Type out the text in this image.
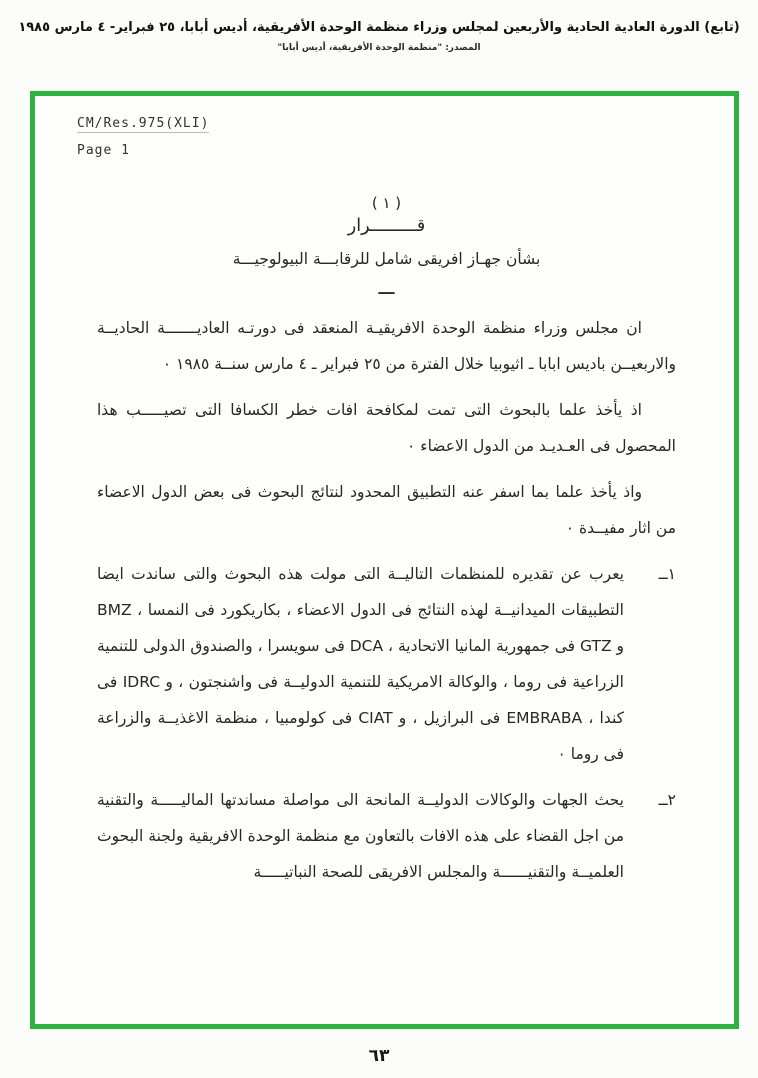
(تابع) الدورة العادية الحادية والأربعين لمجلس وزراء منظمة الوحدة الأفريقية، أديس أبابا، ٢٥ فبراير- ٤ مارس ١٩٨٥
المصدر: "منظمة الوحدة الأفريقية، أديس أبابا"
CM/Res.975(XLI)
Page 1
( ١ )
قـــــــــرار
بشأن جهـاز افريقى شامل للرقابـــة البيولوجيـــة
ـــ

ان مجلس وزراء منظمة الوحدة الافريقيـة المنعقد فى دورتـه العاديـــــــة الحاديــة والاربعيــن باديس ابابا ـ اثيوبيا خلال الفترة من ٢٥ فبراير ـ ٤ مارس سنــة ١٩٨٥ ٠

اذ يأخذ علما بالبحوث التى تمت لمكافحة افات خطر الكسافا التى تصيـــــب هذا المحصول فى العـديـد من الدول الاعضاء ٠

واذ يأخذ علما بما اسفر عنه التطبيق المحدود لنتائج البحوث فى بعض الدول الاعضاء من اثار مفيــدة ٠

١ــ

يعرب عن تقديره للمنظمات التاليــة التى مولت هذه البحوث والتى ساندت ايضا التطبيقات الميدانيــة لهذه النتائج فى الدول الاعضاء ، بكاريكورد فى النمسا ، BMZ و GTZ فى جمهورية المانيا الاتحادية ، DCA فى سويسرا ، والصندوق الدولى للتنمية الزراعية فى روما ، والوكالة الامريكية للتنمية الدوليــة فى واشنجتون ، و IDRC فى كندا ، EMBRABA فى البرازيل ، و CIAT فى كولومبيا ، منظمة الاغذيــة والزراعة فى روما ٠

٢ــ

يحث الجهات والوكالات الدوليــة المانحة الى مواصلة مساندتها الماليـــــة والتقنية من اجل القضاء على هذه الافات بالتعاون مع منظمة الوحدة الافريقية ولجنة البحوث العلميــة والتقنيــــــة والمجلس الافريقى للصحة النباتيـــــة

٦٣
